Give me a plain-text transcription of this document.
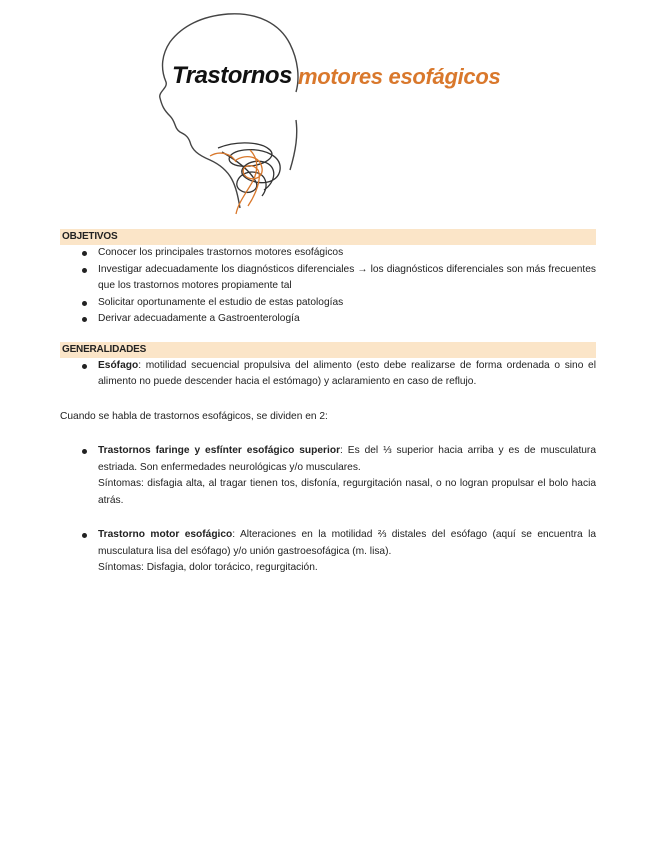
Trastornos motores esofágicos
OBJETIVOS
Conocer los principales trastornos motores esofágicos
Investigar adecuadamente los diagnósticos diferenciales → los diagnósticos diferenciales son más frecuentes que los trastornos motores propiamente tal
Solicitar oportunamente el estudio de estas patologías
Derivar adecuadamente a Gastroenterología
GENERALIDADES
Esófago: motilidad secuencial propulsiva del alimento (esto debe realizarse de forma ordenada o sino el alimento no puede descender hacia el estómago) y aclaramiento en caso de reflujo.

Cuando se habla de trastornos esofágicos, se dividen en 2:

Trastornos faringe y esfínter esofágico superior: Es del ⅓ superior hacia arriba y es de musculatura estriada. Son enfermedades neurológicas y/o musculares.
Síntomas: disfagia alta, al tragar tienen tos, disfonía, regurgitación nasal, o no logran propulsar el bolo hacia atrás.
Trastorno motor esofágico: Alteraciones en la motilidad ⅔ distales del esófago (aquí se encuentra la musculatura lisa del esófago) y/o unión gastroesofágica (m. lisa).
Síntomas: Disfagia, dolor torácico, regurgitación.
